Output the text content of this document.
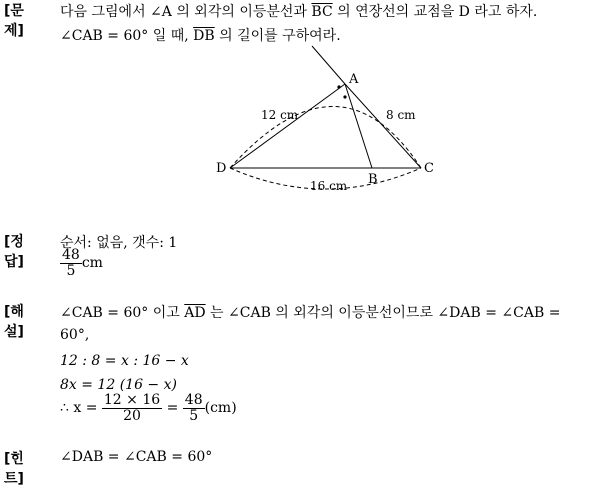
[문제]
다음 그림에서 ∠A 의 외각의 이등분선과 $\overline{BC}$ 의 연장선의 교점을 D 라고 하자.
∠CAB = 60° 일 때, $\overline{DB}$ 의 길이를 구하여라.
A
B
C
D
12 cm	8 cm
16 cm
[정답]
순서: 없음, 갯수: 1
$\frac{48}{5}$ cm
[해설]
∠CAB = 60° 이고 $\overline{AD}$ 는 ∠CAB 의 외각의 이등분선이므로 ∠DAB = ∠CAB =
60°,
12 : 8 = x : 16 − x
8x = 12 (16 − x)
∴ $x = \frac{12 \times 16}{20} = \frac{48}{5} (cm)$
[힌트]
∠DAB = ∠CAB = 60°
